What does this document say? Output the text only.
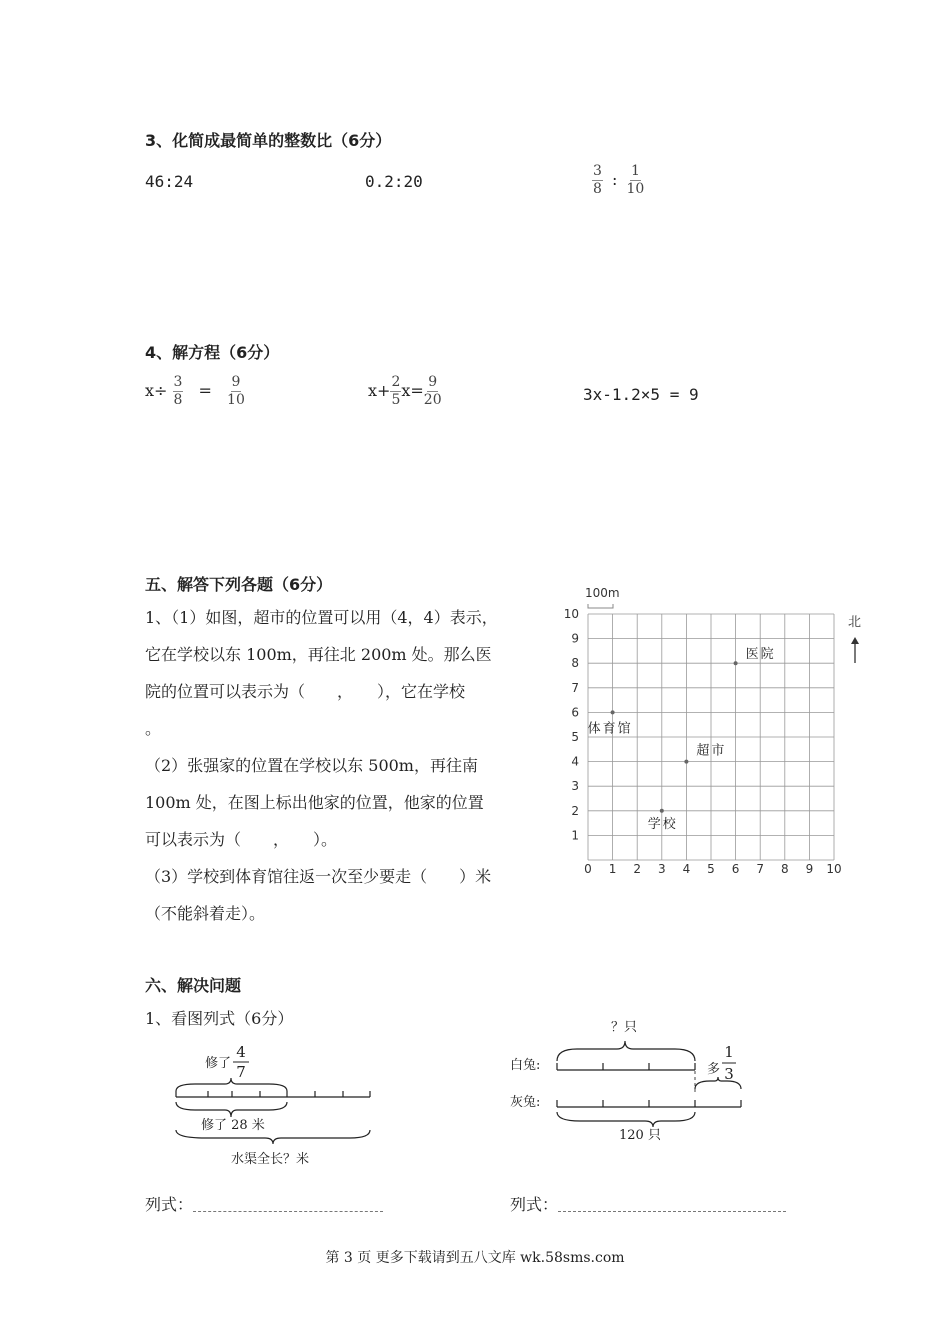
3、化简成最简单的整数比（6分）
46:24	0.2:20	$\frac{3}{8}$ : $\frac{1}{10}$
4、解方程（6分）
$x\div \frac{3}{8} = \frac{9}{10}$	$x+ \frac{2}{5} x= \frac{9}{20}$	3x-1.2×5 = 9
五、解答下列各题（6分）
1、（1）如图，超市的位置可以用（4，4）表示，
它在学校以东 100m，再往北 200m 处。那么医
院的位置可以表示为（　　，　　），它在学校
。
（2）张强家的位置在学校以东 500m，再往南
100m 处，在图上标出他家的位置，他家的位置
可以表示为（　　，　　）。
（3）学校到体育馆往返一次至少要走（　　）米
（不能斜着走）。
100m
1
2
3
4
5
6
7
8
9
10
0 1 2 3 4 5 6 7 8 9 10
医院
体育馆
超市
学校
北
六、解决问题
1、看图列式（6分）
修了
4
7
修了 28 米
水渠全长？米
？只
白兔:	多
1
3
灰兔:
120 只
列式：	列式：
第 3 页 更多下载请到五八文库 wk.58sms.com
